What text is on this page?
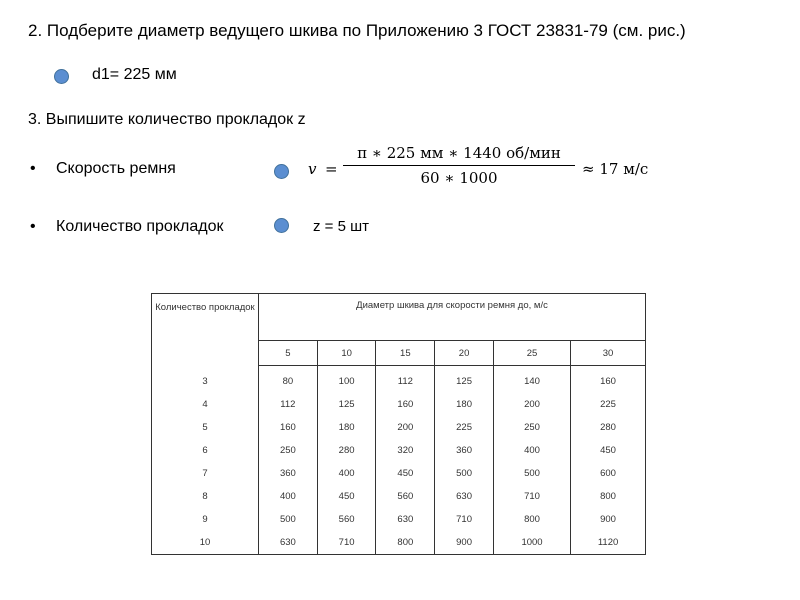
2. Подберите диаметр ведущего шкива по Приложению 3 ГОСТ 23831-79 (см. рис.)
d1= 225 мм
3. Выпишите количество прокладок z
• Скорость ремня	v =
π ∗ 225 мм ∗ 1440 об/мин
60 ∗ 1000	≈ 17 м/с
• Количество прокладок	z = 5 шт
Количество прокладок	Диаметр шкива для скорости ремня до, м/с					
	5	10	15	20	25	30
3	80	100	112	125	140	160
4	112	125	160	180	200	225
5	160	180	200	225	250	280
6	250	280	320	360	400	450
7	360	400	450	500	500	600
8	400	450	560	630	710	800
9	500	560	630	710	800	900
10	630	710	800	900	1000	1120
